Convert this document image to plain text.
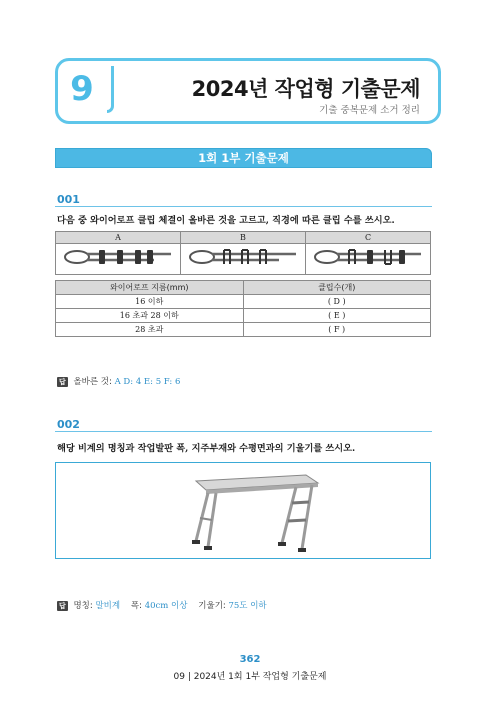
9	2024년 작업형 기출문제
기출 중복문제 소거 정리
1회 1부 기출문제
001
다음 중 와이어로프 클립 체결이 올바른 것을 고르고, 직경에 따른 클립 수를 쓰시오.
A	B	C

와이어로프 지름(mm)	클립수(개)
16 이하	( D )
16 초과 28 이하	( E )
28 초과	( F )
답 올바른 것: A D: 4 E: 5 F: 6
002
해당 비계의 명칭과 작업발판 폭, 지주부재와 수평면과의 기울기를 쓰시오.
답 명칭: 말비계 폭: 40cm 이상 기울기: 75도 이하
362
09 | 2024년 1회 1부 작업형 기출문제
